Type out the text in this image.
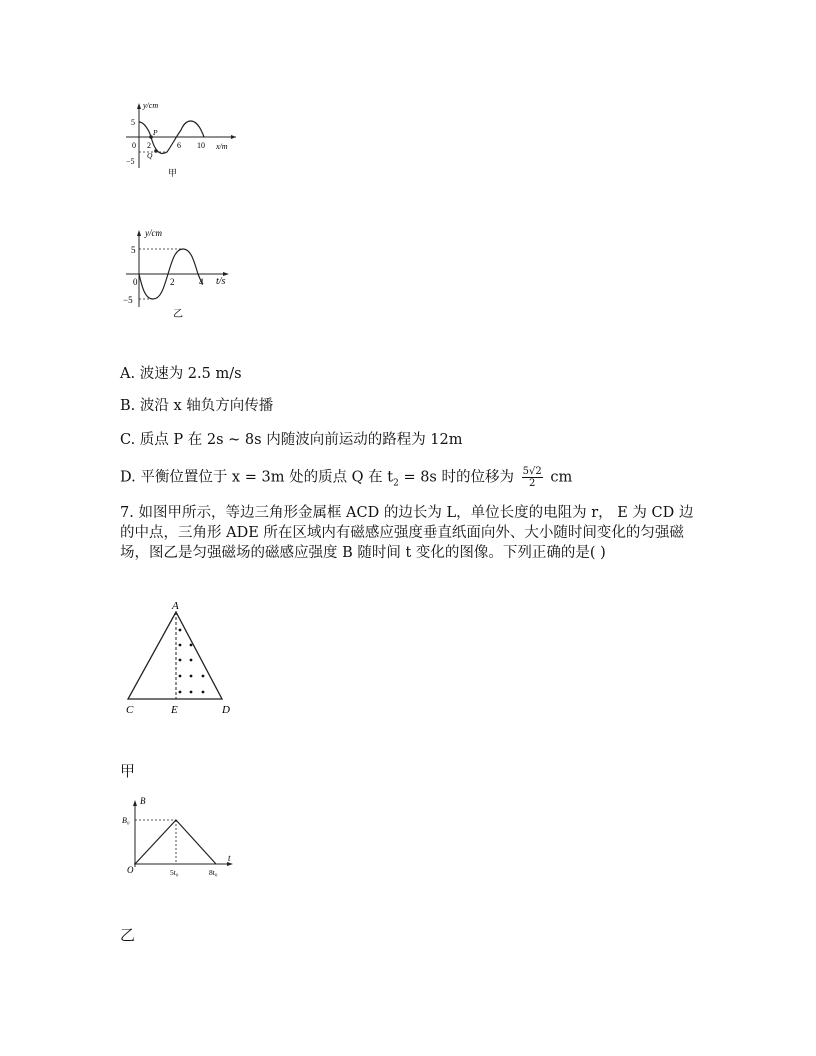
y/cm
x/m
5
0
−5
2	6 10
P
Q
甲
y/cm
t/s
5
0
−5
2	4
乙
A. 波速为 2.5 m/s
B. 波沿 x 轴负方向传播
C. 质点 P 在 2s ~ 8s 内随波向前运动的路程为 12m
D. 平衡位置位于 x = 3m 处的质点 Q 在 $t_2 = 8s$ 时的位移为 $\frac{5√2}{2}$ cm
7. 如图甲所示，等边三角形金属框 ACD 的边长为 L，单位长度的电阻为 r， E 为 CD 边的中点，三角形 ADE 所在区域内有磁感应强度垂直纸面向外、大小随时间变化的匀强磁场，图乙是匀强磁场的磁感应强度 B 随时间 t 变化的图像。下列正确的是( )
A
C	E	D
甲
B
t
O
B₀
5t₀	8t₀
乙
